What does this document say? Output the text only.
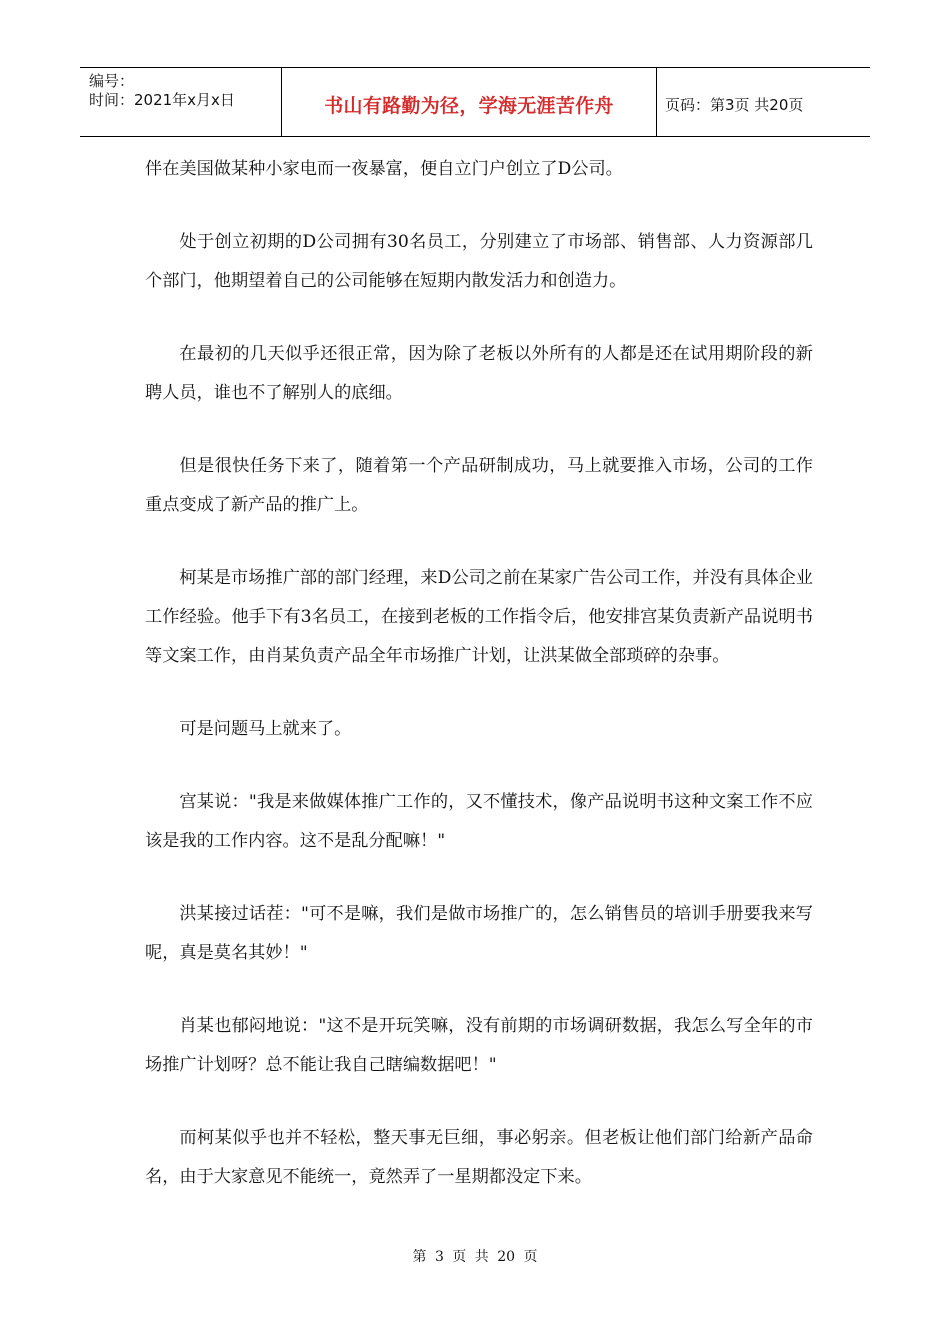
编号：
时间：2021年x月x日	书山有路勤为径，学海无涯苦作舟	页码：第3页 共20页

伴在美国做某种小家电而一夜暴富，便自立门户创立了D公司。

处于创立初期的D公司拥有30名员工，分别建立了市场部、销售部、人力资源部几个部门，他期望着自己的公司能够在短期内散发活力和创造力。

在最初的几天似乎还很正常，因为除了老板以外所有的人都是还在试用期阶段的新聘人员，谁也不了解别人的底细。

但是很快任务下来了，随着第一个产品研制成功，马上就要推入市场，公司的工作重点变成了新产品的推广上。

柯某是市场推广部的部门经理，来D公司之前在某家广告公司工作，并没有具体企业工作经验。他手下有3名员工，在接到老板的工作指令后，他安排宫某负责新产品说明书等文案工作，由肖某负责产品全年市场推广计划，让洪某做全部琐碎的杂事。

可是问题马上就来了。

宫某说："我是来做媒体推广工作的，又不懂技术，像产品说明书这种文案工作不应该是我的工作内容。这不是乱分配嘛！"

洪某接过话茬："可不是嘛，我们是做市场推广的，怎么销售员的培训手册要我来写呢，真是莫名其妙！"

肖某也郁闷地说："这不是开玩笑嘛，没有前期的市场调研数据，我怎么写全年的市场推广计划呀？总不能让我自己瞎编数据吧！"

而柯某似乎也并不轻松，整天事无巨细，事必躬亲。但老板让他们部门给新产品命名，由于大家意见不能统一，竟然弄了一星期都没定下来。

第 3 页 共 20 页
